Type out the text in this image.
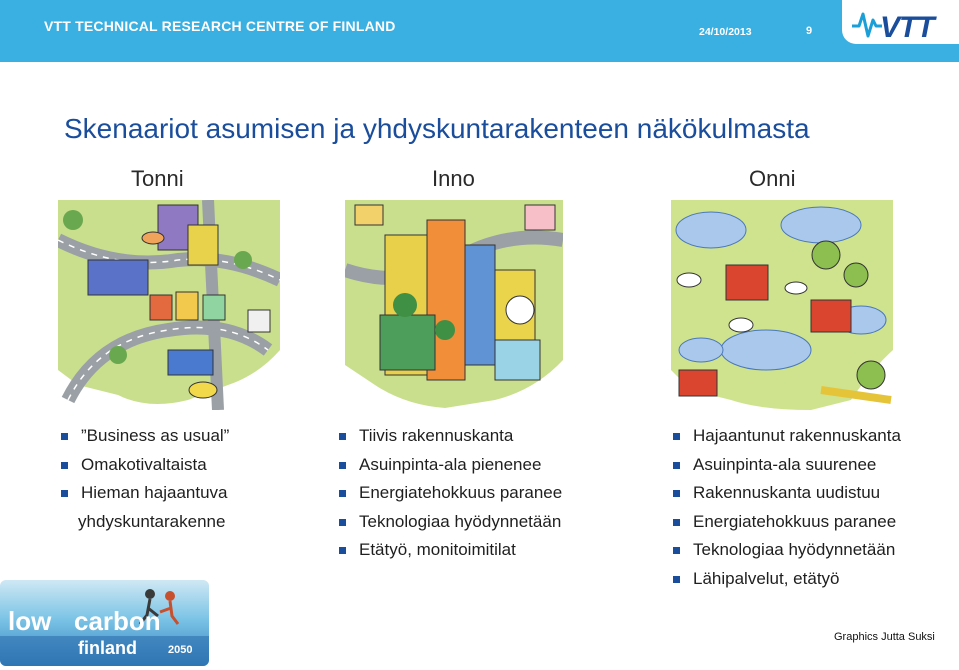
VTT TECHNICAL RESEARCH CENTRE OF FINLAND	24/10/2013	9 VTT
Skenaariot asumisen ja yhdyskuntarakenteen näkökulmasta
Tonni	Inno	Onni
”Business as usual”
Omakotivaltaista
Hieman hajaantuva
yhdyskuntarakenne
Tiivis rakennuskanta
Asuinpinta-ala pienenee
Energiatehokkuus paranee
Teknologiaa hyödynnetään
Etätyö, monitoimitilat
Hajaantunut rakennuskanta
Asuinpinta-ala suurenee
Rakennuskanta uudistuu
Energiatehokkuus paranee
Teknologiaa hyödynnetään
Lähipalvelut, etätyö
low carbon
finland	2050
Graphics Jutta Suksi
